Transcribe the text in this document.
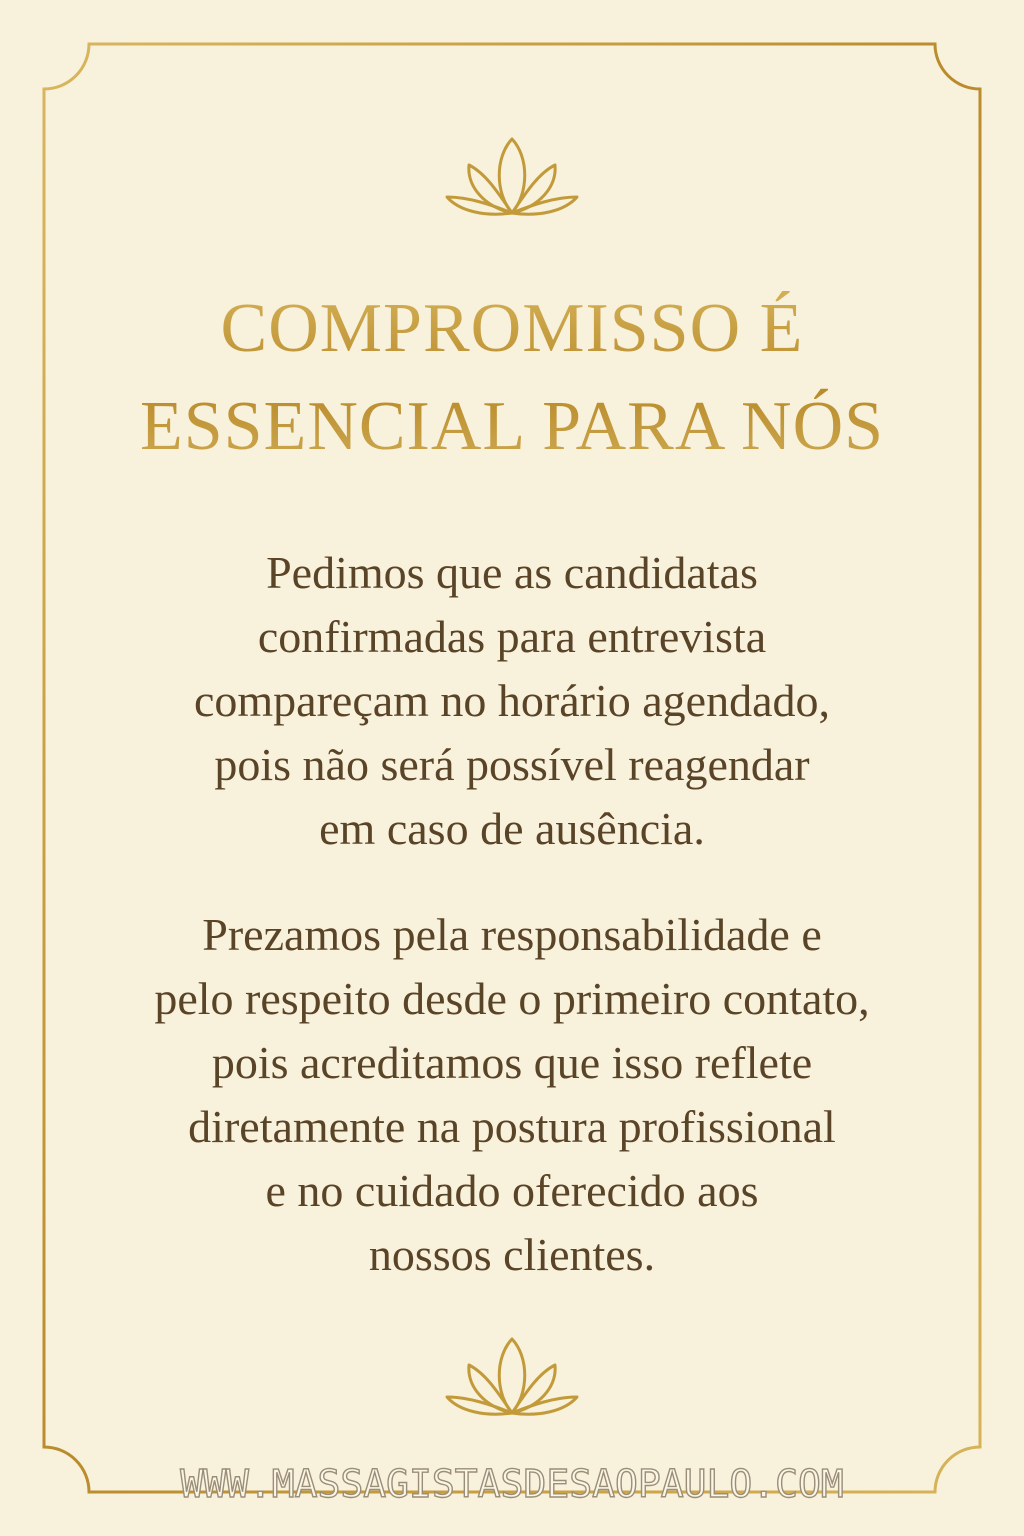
COMPROMISSO É
ESSENCIAL PARA NÓS
Pedimos que as candidatas
confirmadas para entrevista
compareçam no horário agendado,
pois não será possível reagendar
em caso de ausência.
Prezamos pela responsabilidade e
pelo respeito desde o primeiro contato,
pois acreditamos que isso reflete
diretamente na postura profissional
e no cuidado oferecido aos
nossos clientes.
WWW.MASSAGISTASDESAOPAULO.COM
